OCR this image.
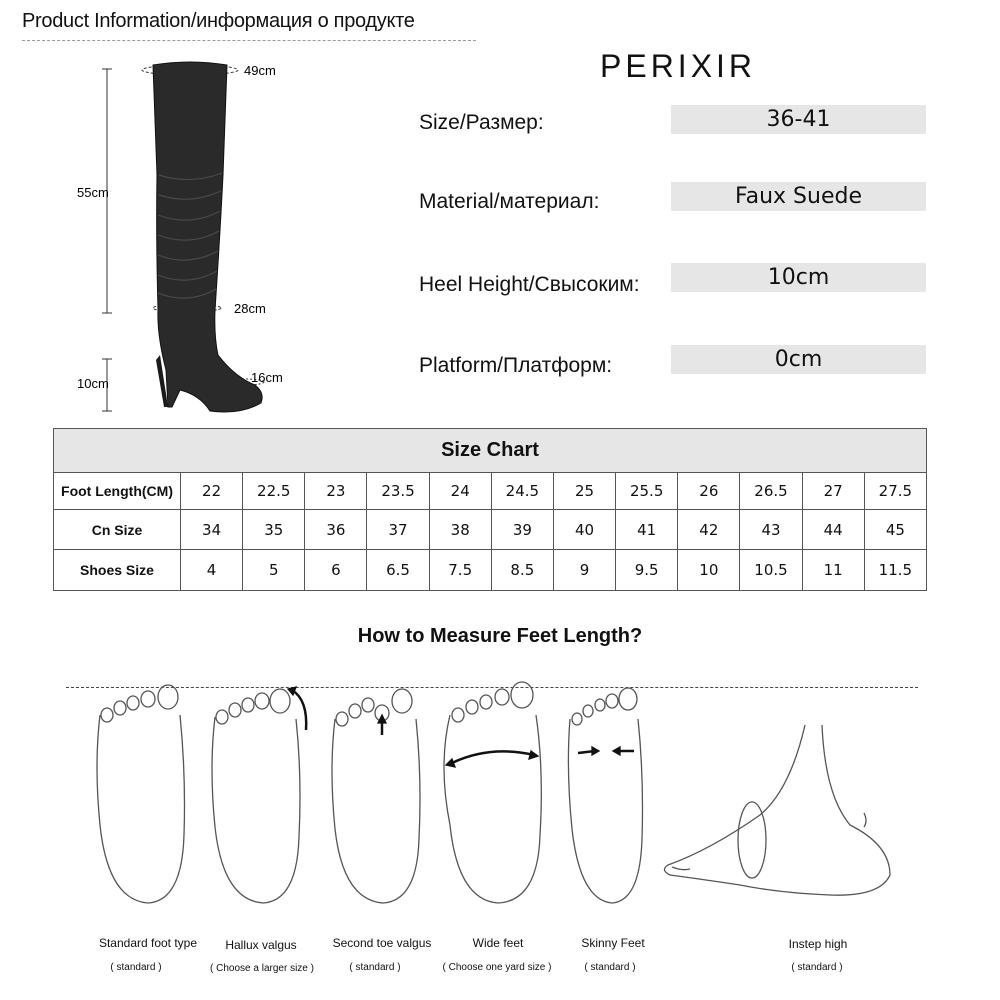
Product Information/информация о продукте
49cm
55cm
28cm
10cm	16cm
PERIXIR
Size/Размер:	36-41
Material/материал:	Faux Suede
Heel Height/Свысоким:	10cm
Platform/Платформ:	0cm
Size Chart												
Foot Length(CM)	22	22.5	23	23.5	24	24.5	25	25.5	26	26.5	27	27.5
Cn Size	34	35	36	37	38	39	40	41	42	43	44	45
Shoes Size	4	5	6	6.5	7.5	8.5	9	9.5	10	10.5	11	11.5
How to Measure Feet Length?
Standard foot type
( standard )
Hallux valgus
( Choose a larger size )
Second toe valgus
( standard )
Wide feet
( Choose one yard size )
Skinny Feet
( standard )
Instep high
( standard )
